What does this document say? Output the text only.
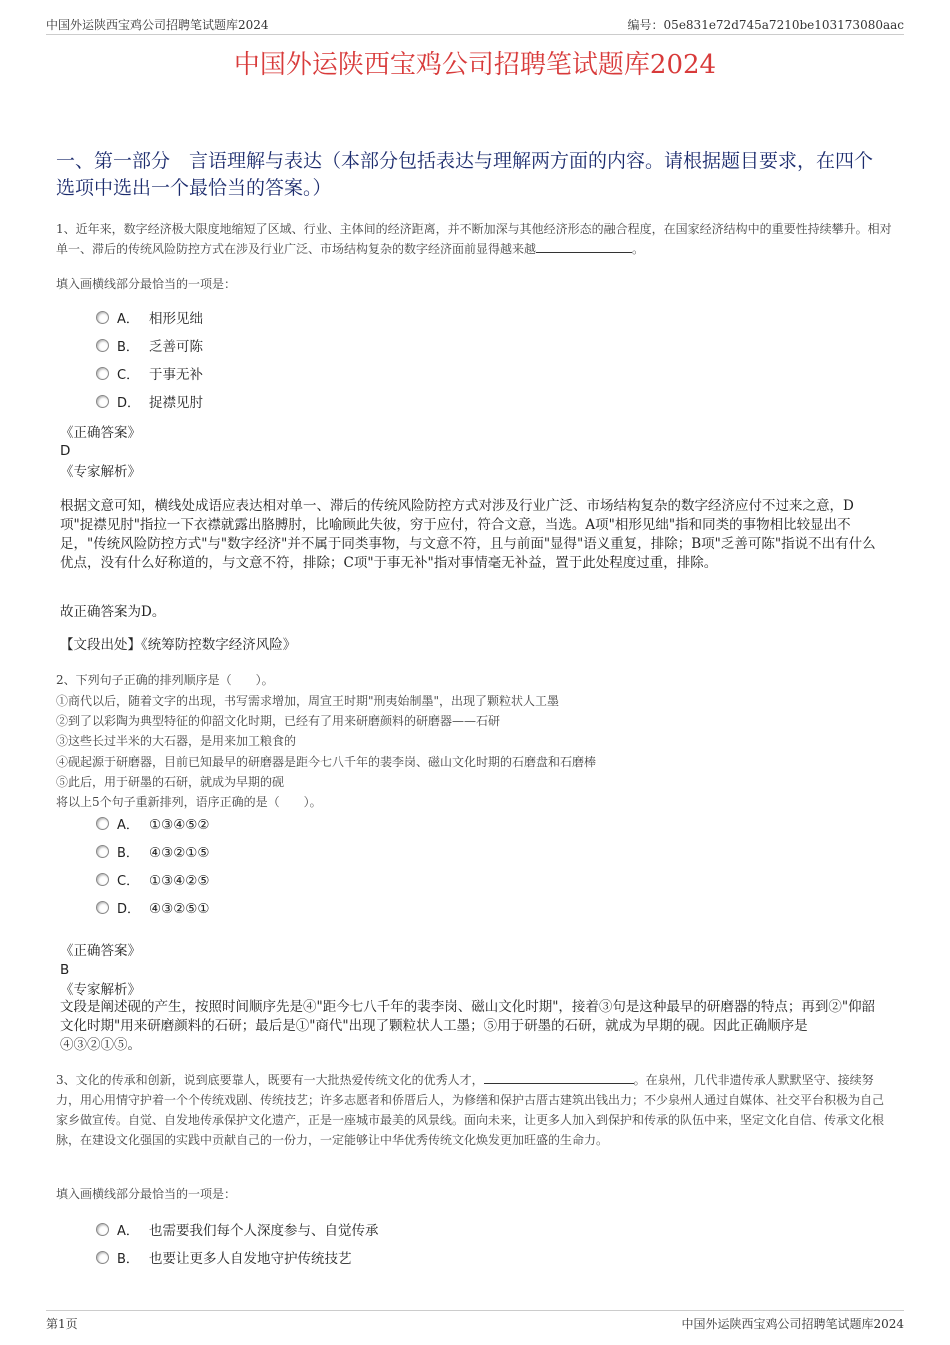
中国外运陕西宝鸡公司招聘笔试题库2024	编号：05e831e72d745a7210be103173080aac
中国外运陕西宝鸡公司招聘笔试题库2024
一、第一部分　言语理解与表达（本部分包括表达与理解两方面的内容。请根据题目要求，在四个选项中选出一个最恰当的答案。）
1、近年来，数字经济极大限度地缩短了区域、行业、主体间的经济距离，并不断加深与其他经济形态的融合程度，在国家经济结构中的重要性持续攀升。相对单一、滞后的传统风险防控方式在涉及行业广泛、市场结构复杂的数字经济面前显得越来越	。
填入画横线部分最恰当的一项是：
A． 相形见绌
B． 乏善可陈
C． 于事无补
D． 捉襟见肘
《正确答案》
D
《专家解析》
根据文意可知，横线处成语应表达相对单一、滞后的传统风险防控方式对涉及行业广泛、市场结构复杂的数字经济应付不过来之意，D项"捉襟见肘"指拉一下衣襟就露出胳膊肘，比喻顾此失彼，穷于应付，符合文意，当选。A项"相形见绌"指和同类的事物相比较显出不足，"传统风险防控方式"与"数字经济"并不属于同类事物，与文意不符，且与前面"显得"语义重复，排除；B项"乏善可陈"指说不出有什么优点，没有什么好称道的，与文意不符，排除；C项"于事无补"指对事情毫无补益，置于此处程度过重，排除。
故正确答案为D。
【文段出处】《统筹防控数字经济风险》
2、下列句子正确的排列顺序是（　　）。
①商代以后，随着文字的出现，书写需求增加，周宣王时期"刑夷始制墨"，出现了颗粒状人工墨
②到了以彩陶为典型特征的仰韶文化时期，已经有了用来研磨颜料的研磨器——石研
③这些长过半米的大石器，是用来加工粮食的
④砚起源于研磨器，目前已知最早的研磨器是距今七八千年的裴李岗、磁山文化时期的石磨盘和石磨棒
⑤此后，用于研墨的石研，就成为早期的砚
将以上5个句子重新排列，语序正确的是（　　）。
A． ①③④⑤②
B． ④③②①⑤
C． ①③④②⑤
D． ④③②⑤①
《正确答案》
B
《专家解析》
文段是阐述砚的产生，按照时间顺序先是④"距今七八千年的裴李岗、磁山文化时期"，接着③句是这种最早的研磨器的特点；再到②"仰韶文化时期"用来研磨颜料的石研；最后是①"商代"出现了颗粒状人工墨；⑤用于研墨的石研，就成为早期的砚。因此正确顺序是④③②①⑤。
3、文化的传承和创新，说到底要靠人，既要有一大批热爱传统文化的优秀人才，	。在泉州，几代非遗传承人默默坚守、接续努力，用心用情守护着一个个传统戏剧、传统技艺；许多志愿者和侨厝后人，为修缮和保护古厝古建筑出钱出力；不少泉州人通过自媒体、社交平台积极为自己家乡做宣传。自觉、自发地传承保护文化遗产，正是一座城市最美的风景线。面向未来，让更多人加入到保护和传承的队伍中来，坚定文化自信、传承文化根脉，在建设文化强国的实践中贡献自己的一份力，一定能够让中华优秀传统文化焕发更加旺盛的生命力。
填入画横线部分最恰当的一项是：
A． 也需要我们每个人深度参与、自觉传承
B． 也要让更多人自发地守护传统技艺
第1页	中国外运陕西宝鸡公司招聘笔试题库2024
